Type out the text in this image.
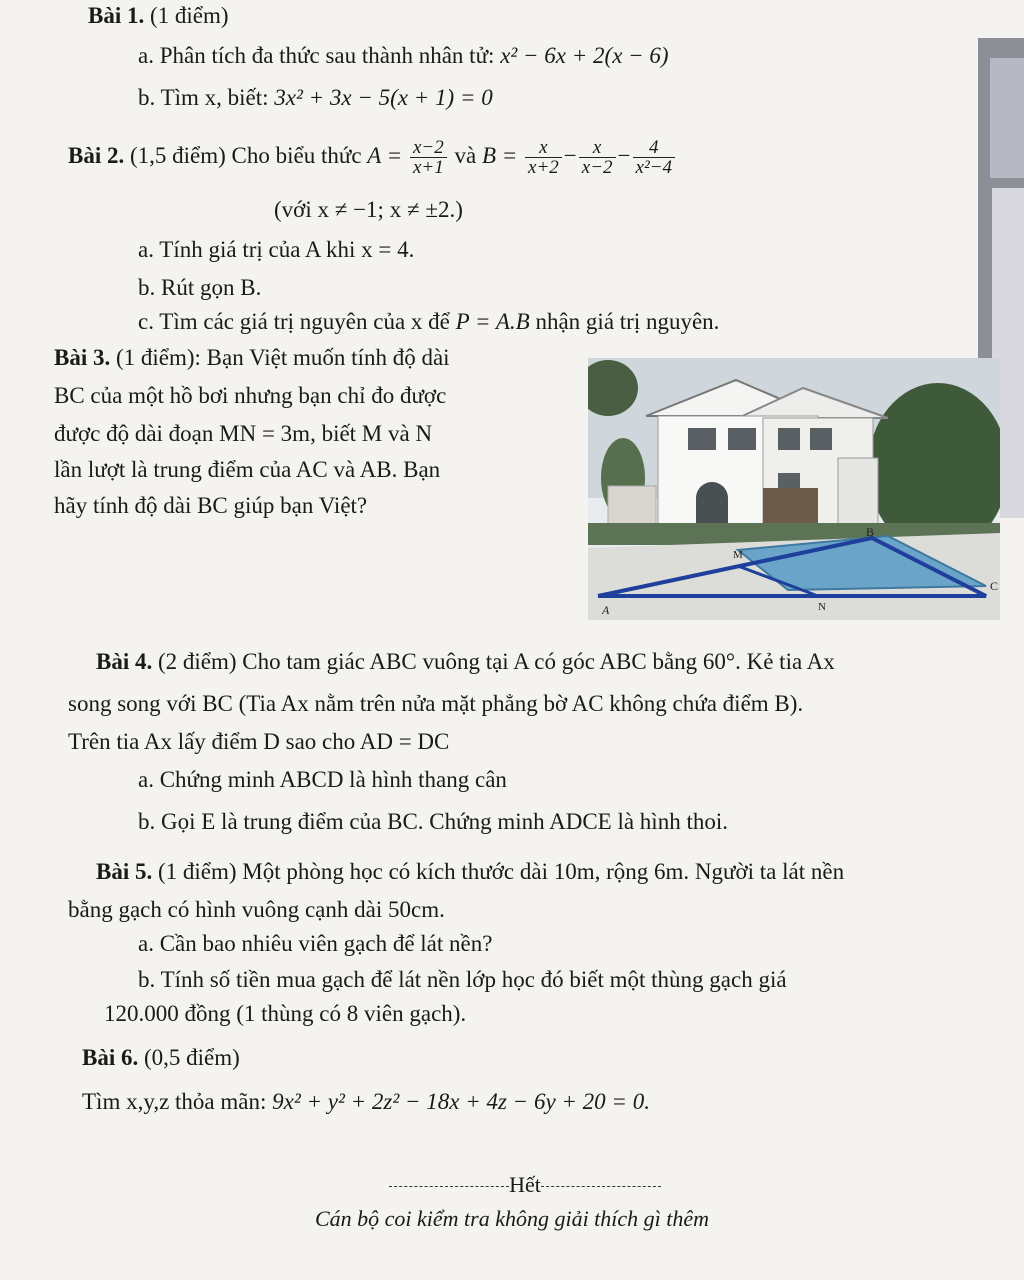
Bài 1. (1 điểm)
a. Phân tích đa thức sau thành nhân tử: x² − 6x + 2(x − 6)
b. Tìm x, biết: 3x² + 3x − 5(x + 1) = 0
Bài 2. (1,5 điểm) Cho biểu thức $A = \frac{x-2}{x+1}$ và $B = \frac{x}{x+2} - \frac{x}{x-2} - \frac{4}{\text{x²−4}}$
(với x ≠ −1; x ≠ ±2.)
a. Tính giá trị của A khi x = 4.
b. Rút gọn B.
c. Tìm các giá trị nguyên của x để P = A.B nhận giá trị nguyên.
Bài 3. (1 điểm): Bạn Việt muốn tính độ dài
BC của một hồ bơi nhưng bạn chỉ đo được
được độ dài đoạn MN = 3m, biết M và N
lần lượt là trung điểm của AC và AB. Bạn
hãy tính độ dài BC giúp bạn Việt?
A
B
C
M
N
Bài 4. (2 điểm) Cho tam giác ABC vuông tại A có góc ABC bằng 60°. Kẻ tia Ax
song song với BC (Tia Ax nằm trên nửa mặt phẳng bờ AC không chứa điểm B).
Trên tia Ax lấy điểm D sao cho AD = DC
a. Chứng minh ABCD là hình thang cân
b. Gọi E là trung điểm của BC. Chứng minh ADCE là hình thoi.
Bài 5. (1 điểm) Một phòng học có kích thước dài 10m, rộng 6m. Người ta lát nền
bằng gạch có hình vuông cạnh dài 50cm.
a. Cần bao nhiêu viên gạch để lát nền?
b. Tính số tiền mua gạch để lát nền lớp học đó biết một thùng gạch giá
120.000 đồng (1 thùng có 8 viên gạch).
Bài 6. (0,5 điểm)
Tìm x,y,z thỏa mãn: 9x² + y² + 2z² − 18x + 4z − 6y + 20 = 0.
Hết
Cán bộ coi kiểm tra không giải thích gì thêm
